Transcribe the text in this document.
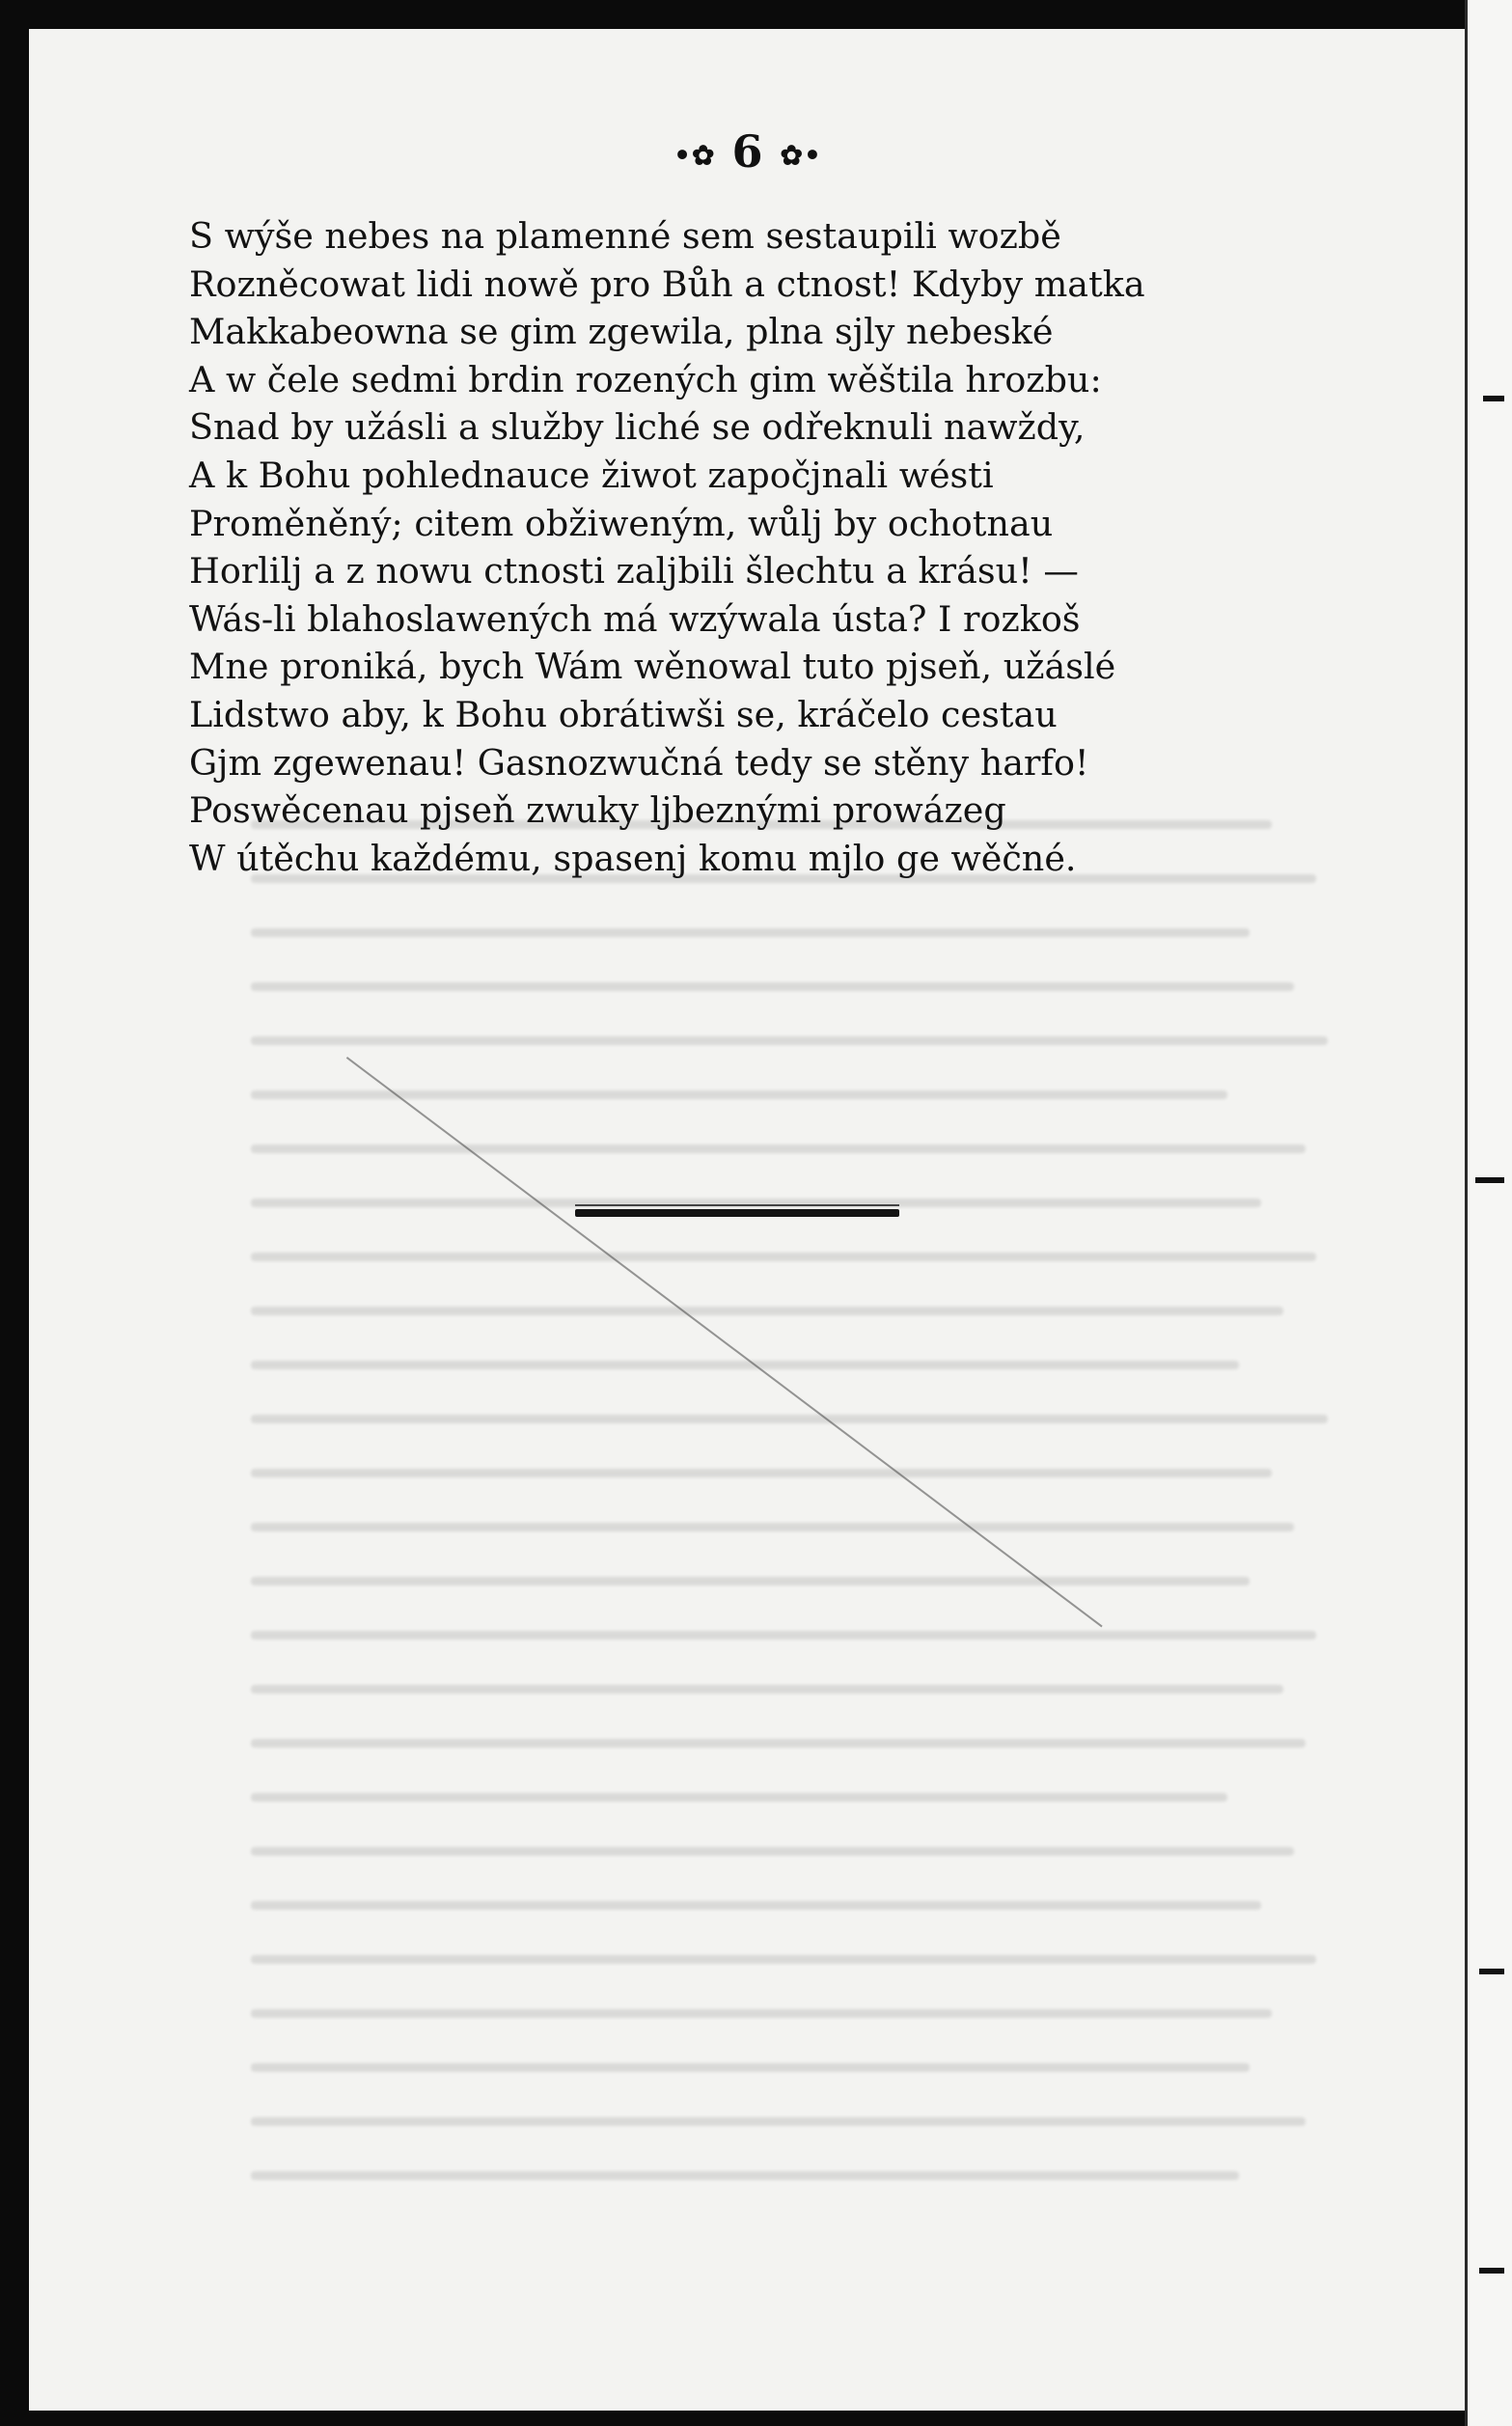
•✿ 6 ✿•
S wýše nebes na plamenné sem sestaupili wozbě
Rozněcowat lidi nowě pro Bůh a ctnost! Kdyby matka
Makkabeowna se gim zgewila, plna sjly nebeské
A w čele sedmi brdin rozených gim wěštila hrozbu:
Snad by užásli a služby liché se odřeknuli nawždy,
A k Bohu pohlednauce žiwot započjnali wésti
Proměněný; citem obžiweným, wůlj by ochotnau
Horlilj a z nowu ctnosti zaljbili šlechtu a krásu! —
Wás-li blahoslawených má wzýwala ústa? I rozkoš
Mne proniká, bych Wám wěnowal tuto pjseň, užáslé
Lidstwo aby, k Bohu obrátiwši se, kráčelo cestau
Gjm zgewenau! Gasnozwučná tedy se stěny harfo!
Poswěcenau pjseň zwuky ljbeznými prowázeg
W útěchu každému, spasenj komu mjlo ge wěčné.
